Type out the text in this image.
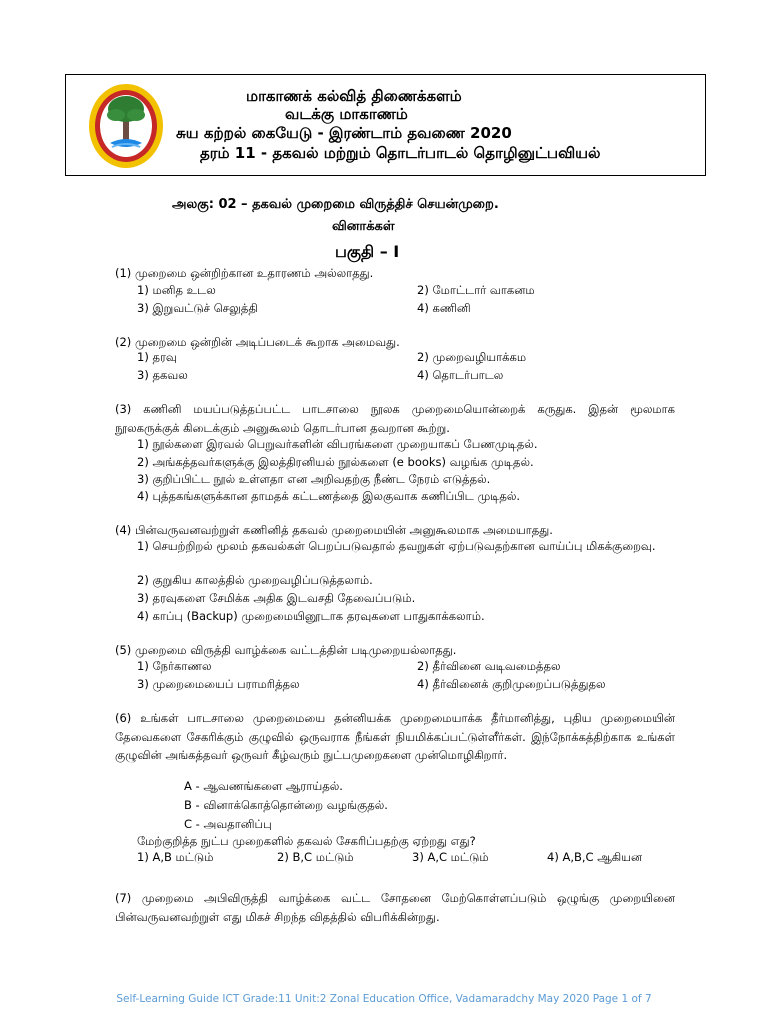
மாகாணக் கல்வித் திணைக்களம்
வடக்கு மாகாணம்
சுய கற்றல் கையேடு - இரண்டாம் தவணை 2020
தரம் 11 - தகவல் மற்றும் தொடர்பாடல் தொழினுட்பவியல்
அலகு: 02 – தகவல் முறைமை விருத்திச் செயன்முறை.
வினாக்கள்
பகுதி – I
(1) முறைமை ஒன்றிற்கான உதாரணம் அல்லாதது.
1) மனித உடல	2) மோட்டார் வாகனம
3) இறுவட்டுச் செலுத்தி	4) கணினி
(2) முறைமை ஒன்றின் அடிப்படைக் கூறாக அமைவது.
1) தரவு	2) முறைவழியாக்கம
3) தகவல	4) தொடர்பாடல
(3) கணினி மயப்படுத்தப்பட்ட பாடசாலை நூலக முறைமையொன்றைக் கருதுக. இதன் மூலமாக நூலகருக்குக் கிடைக்கும் அனுகூலம் தொடர்பான தவறான கூற்று.
1) நூல்களை இரவல் பெறுவர்களின் விபரங்களை முறையாகப் பேணமுடிதல்.
2) அங்கத்தவர்களுக்கு இலத்திரனியல் நூல்களை (e books) வழங்க முடிதல்.
3) குறிப்பிட்ட நூல் உள்ளதா என அறிவதற்கு நீண்ட நேரம் எடுத்தல்.
4) புத்தகங்களுக்கான தாமதக் கட்டணத்தை இலகுவாக கணிப்பிட முடிதல்.
(4) பின்வருவனவற்றுள் கணினித் தகவல் முறைமையின் அனுகூலமாக அமையாதது.
1) செயற்றிறல் மூலம் தகவல்கள் பெறப்படுவதால் தவறுகள் ஏற்படுவதற்கான வாய்ப்பு மிகக்குறைவு.
2) குறுகிய காலத்தில் முறைவழிப்படுத்தலாம்.
3) தரவுகளை சேமிக்க அதிக இடவசதி தேவைப்படும்.
4) காப்பு (Backup) முறைமையினூடாக தரவுகளை பாதுகாக்கலாம்.
(5) முறைமை விருத்தி வாழ்க்கை வட்டத்தின் படிமுறையல்லாதது.
1) நேர்காணல	2) தீர்வினை வடிவமைத்தல
3) முறைமையைப் பராமரித்தல	4) தீர்வினைக் குறிமுறைப்படுத்துதல
(6) உங்கள் பாடசாலை முறைமையை தன்னியக்க முறைமையாக்க தீர்மானித்து, புதிய முறைமையின் தேவைகளை சேகரிக்கும் குழுவில் ஒருவராக நீங்கள் நியமிக்கப்பட்டுள்ளீர்கள். இந்நோக்கத்திற்காக உங்கள் குழுவின் அங்கத்தவர் ஒருவர் கீழ்வரும் நுட்பமுறைகளை முன்மொழிகிறார்.
A - ஆவணங்களை ஆராய்தல்.
B - வினாக்கொத்தொன்றை வழங்குதல்.
C - அவதானிப்பு
மேற்குறித்த நுட்ப முறைகளில் தகவல் சேகரிப்பதற்கு ஏற்றது எது?
1) A,B மட்டும்	2) B,C மட்டும்	3) A,C மட்டும்	4) A,B,C ஆகியன
(7) முறைமை அபிவிருத்தி வாழ்க்கை வட்ட சோதனை மேற்கொள்ளப்படும் ஒழுங்கு முறையினை பின்வருவனவற்றுள் எது மிகச் சிறந்த விதத்தில் விபரிக்கின்றது.
Self-Learning Guide ICT Grade:11 Unit:2 Zonal Education Office, Vadamaradchy May 2020 Page 1 of 7
